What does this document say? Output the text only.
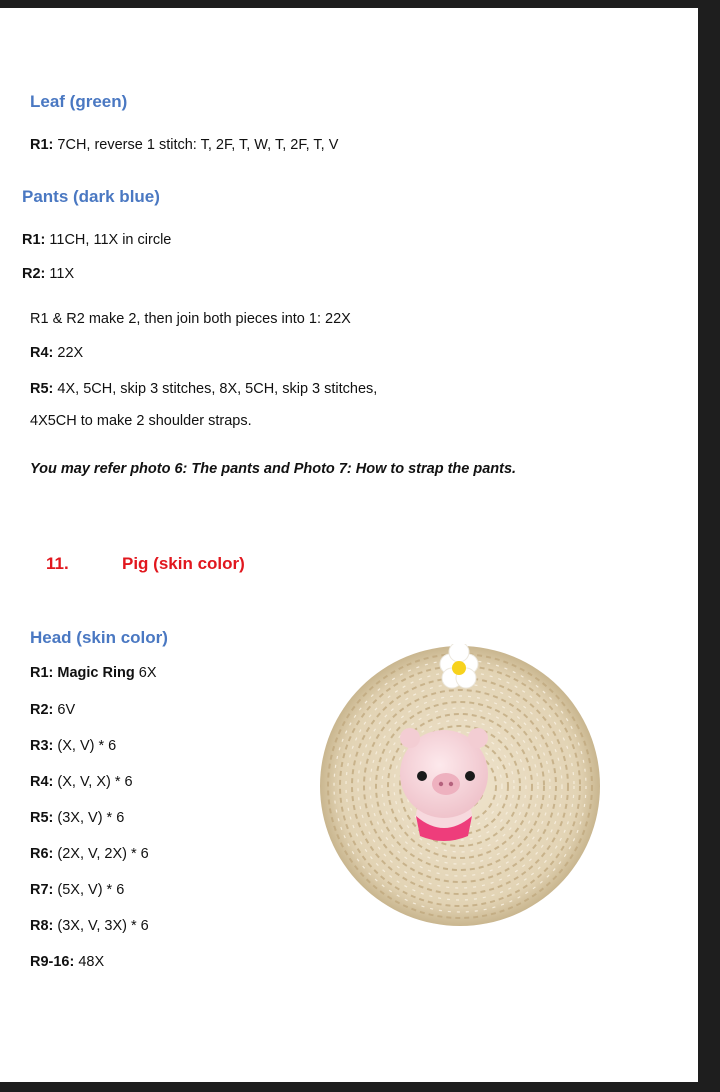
Leaf (green)
R1: 7CH, reverse 1 stitch: T, 2F, T, W, T, 2F, T, V
Pants (dark blue)
R1: 11CH, 11X in circle
R2: 11X
R1 & R2 make 2, then join both pieces into 1: 22X
R4: 22X
R5: 4X, 5CH, skip 3 stitches, 8X, 5CH, skip 3 stitches,
4X5CH to make 2 shoulder straps.
You may refer photo 6: The pants and Photo 7: How to strap the pants.
11.	Pig (skin color)
Head (skin color)
R1: Magic Ring 6X
R2: 6V
R3: (X, V) * 6
R4: (X, V, X) * 6
R5: (3X, V) * 6
R6: (2X, V, 2X) * 6
R7: (5X, V) * 6
R8: (3X, V, 3X) * 6
R9-16: 48X
